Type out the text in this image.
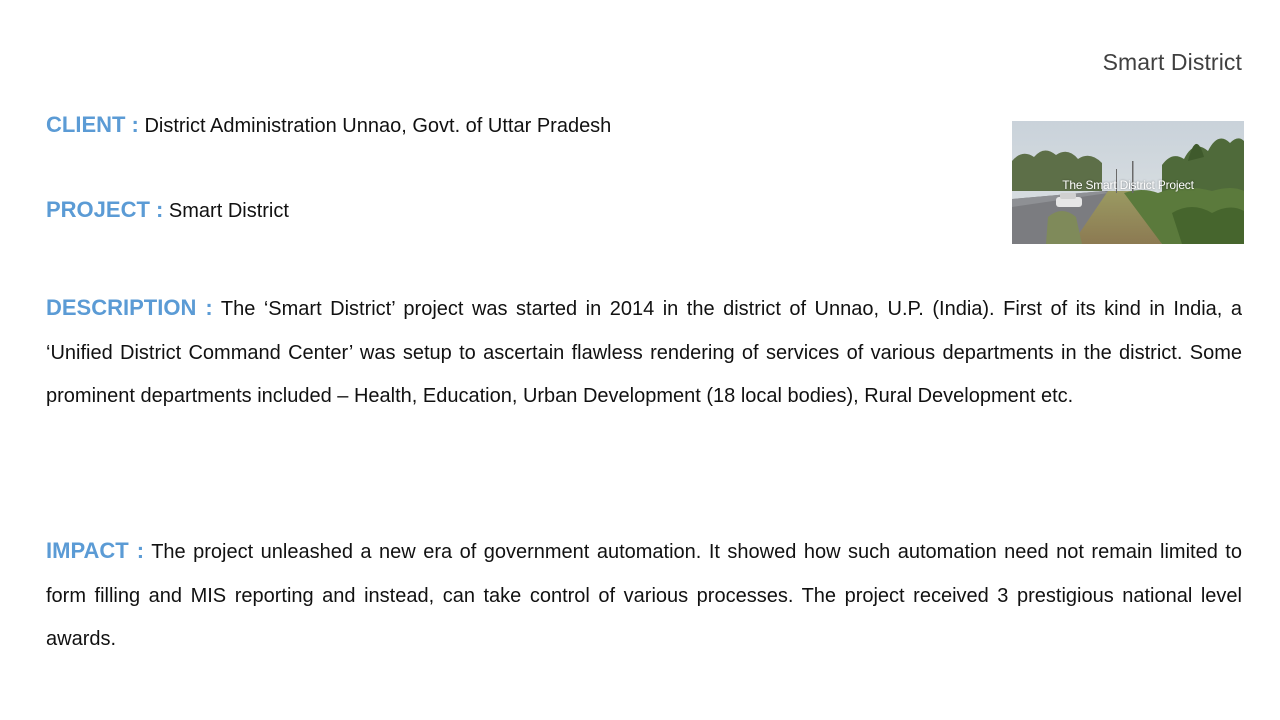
Smart District
CLIENT : District Administration Unnao, Govt. of Uttar Pradesh
PROJECT : Smart District
DESCRIPTION : The ‘Smart District’ project was started in 2014 in the district of Unnao, U.P. (India). First of its kind in India, a ‘Unified District Command Center’ was setup to ascertain flawless rendering of services of various departments in the district. Some prominent departments included – Health, Education, Urban Development (18 local bodies), Rural Development etc.
IMPACT : The project unleashed a new era of government automation. It showed how such automation need not remain limited to form filling and MIS reporting and instead, can take control of various processes. The project received 3 prestigious national level awards.
The Smart District Project
